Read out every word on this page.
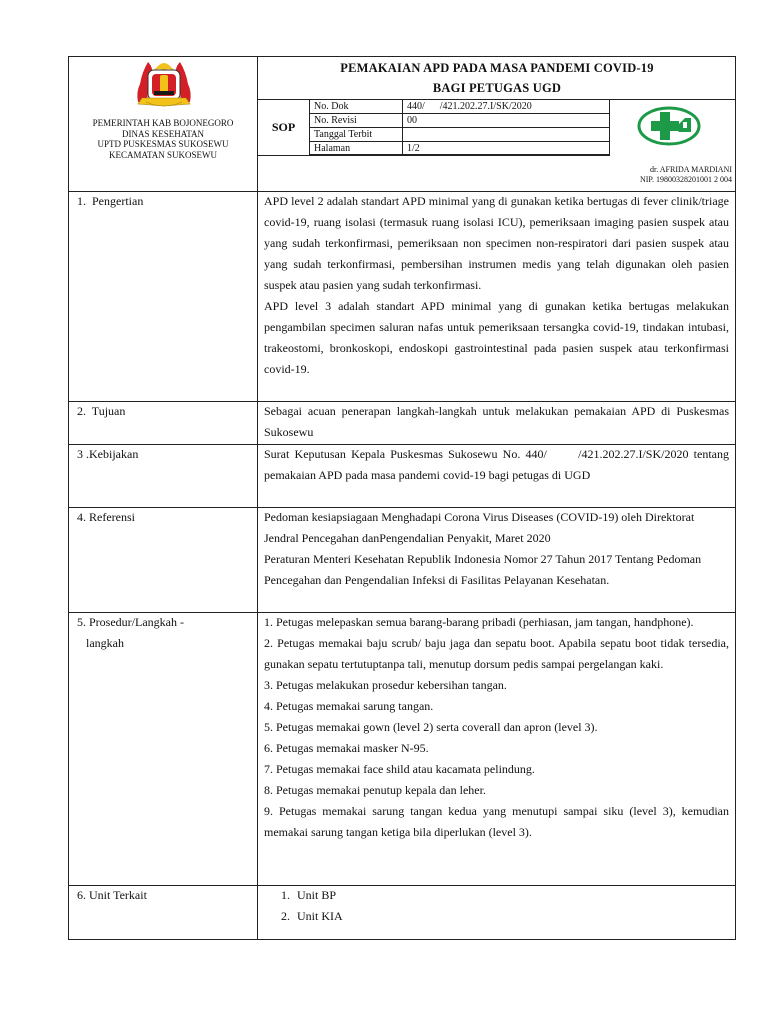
PEMERINTAH KAB BOJONEGORO
DINAS KESEHATAN
UPTD PUSKESMAS SUKOSEWU
KECAMATAN SUKOSEWU
PEMAKAIAN APD PADA MASA PANDEMI COVID-19
BAGI PETUGAS UGD
SOP
No. Dok	440/      /421.202.27.I/SK/2020
No. Revisi	00
Tanggal Terbit
Halaman	1/2
dr. AFRIDA MARDIANI
NIP. 19800328201001 2 004
1.  Pengertian	APD level 2 adalah standart APD minimal yang di gunakan ketika bertugas di fever clinik/triage covid-19, ruang isolasi (termasuk ruang isolasi ICU), pemeriksaan imaging pasien suspek atau yang sudah terkonfirmasi, pemeriksaan non specimen non-respiratori dari pasien suspek atau yang sudah terkonfirmasi, pembersihan instrumen medis yang telah digunakan oleh pasien suspek atau pasien yang sudah terkonfirmasi.

APD level 3 adalah standart APD minimal yang di gunakan ketika bertugas melakukan pengambilan specimen saluran nafas untuk pemeriksaan tersangka covid-19, tindakan intubasi, trakeostomi, bronkoskopi, endoskopi gastrointestinal pada pasien suspek atau terkonfirmasi covid-19.

2.  Tujuan	Sebagai acuan penerapan langkah-langkah untuk melakukan pemakaian APD di Puskesmas Sukosewu

3 .Kebijakan	Surat Keputusan Kepala Puskesmas Sukosewu No. 440/      /421.202.27.I/SK/2020 tentang pemakaian APD pada masa pandemi covid-19 bagi petugas di UGD

4. Referensi	Pedoman kesiapsiagaan Menghadapi Corona Virus Diseases (COVID-19) oleh Direktorat Jendral Pencegahan danPengendalian Penyakit, Maret 2020

Peraturan Menteri Kesehatan Republik Indonesia Nomor 27 Tahun 2017 Tentang Pedoman Pencegahan dan Pengendalian Infeksi di Fasilitas Pelayanan Kesehatan.

5. Prosedur/Langkah -
langkah

1. Petugas melepaskan semua barang-barang pribadi (perhiasan, jam tangan, handphone).

2. Petugas memakai baju scrub/ baju jaga dan sepatu boot. Apabila sepatu boot tidak tersedia, gunakan sepatu tertutuptanpa tali, menutup dorsum pedis sampai pergelangan kaki.

3. Petugas melakukan prosedur kebersihan tangan.

4. Petugas memakai sarung tangan.

5. Petugas memakai gown (level 2) serta coverall dan apron (level 3).

6. Petugas memakai masker N-95.

7. Petugas memakai face shild atau kacamata pelindung.

8. Petugas memakai penutup kepala dan leher.

9. Petugas memakai sarung tangan kedua yang menutupi sampai siku (level 3), kemudian memakai sarung tangan ketiga bila diperlukan (level 3).

6. Unit Terkait
1.	Unit BP
2. Unit KIA
